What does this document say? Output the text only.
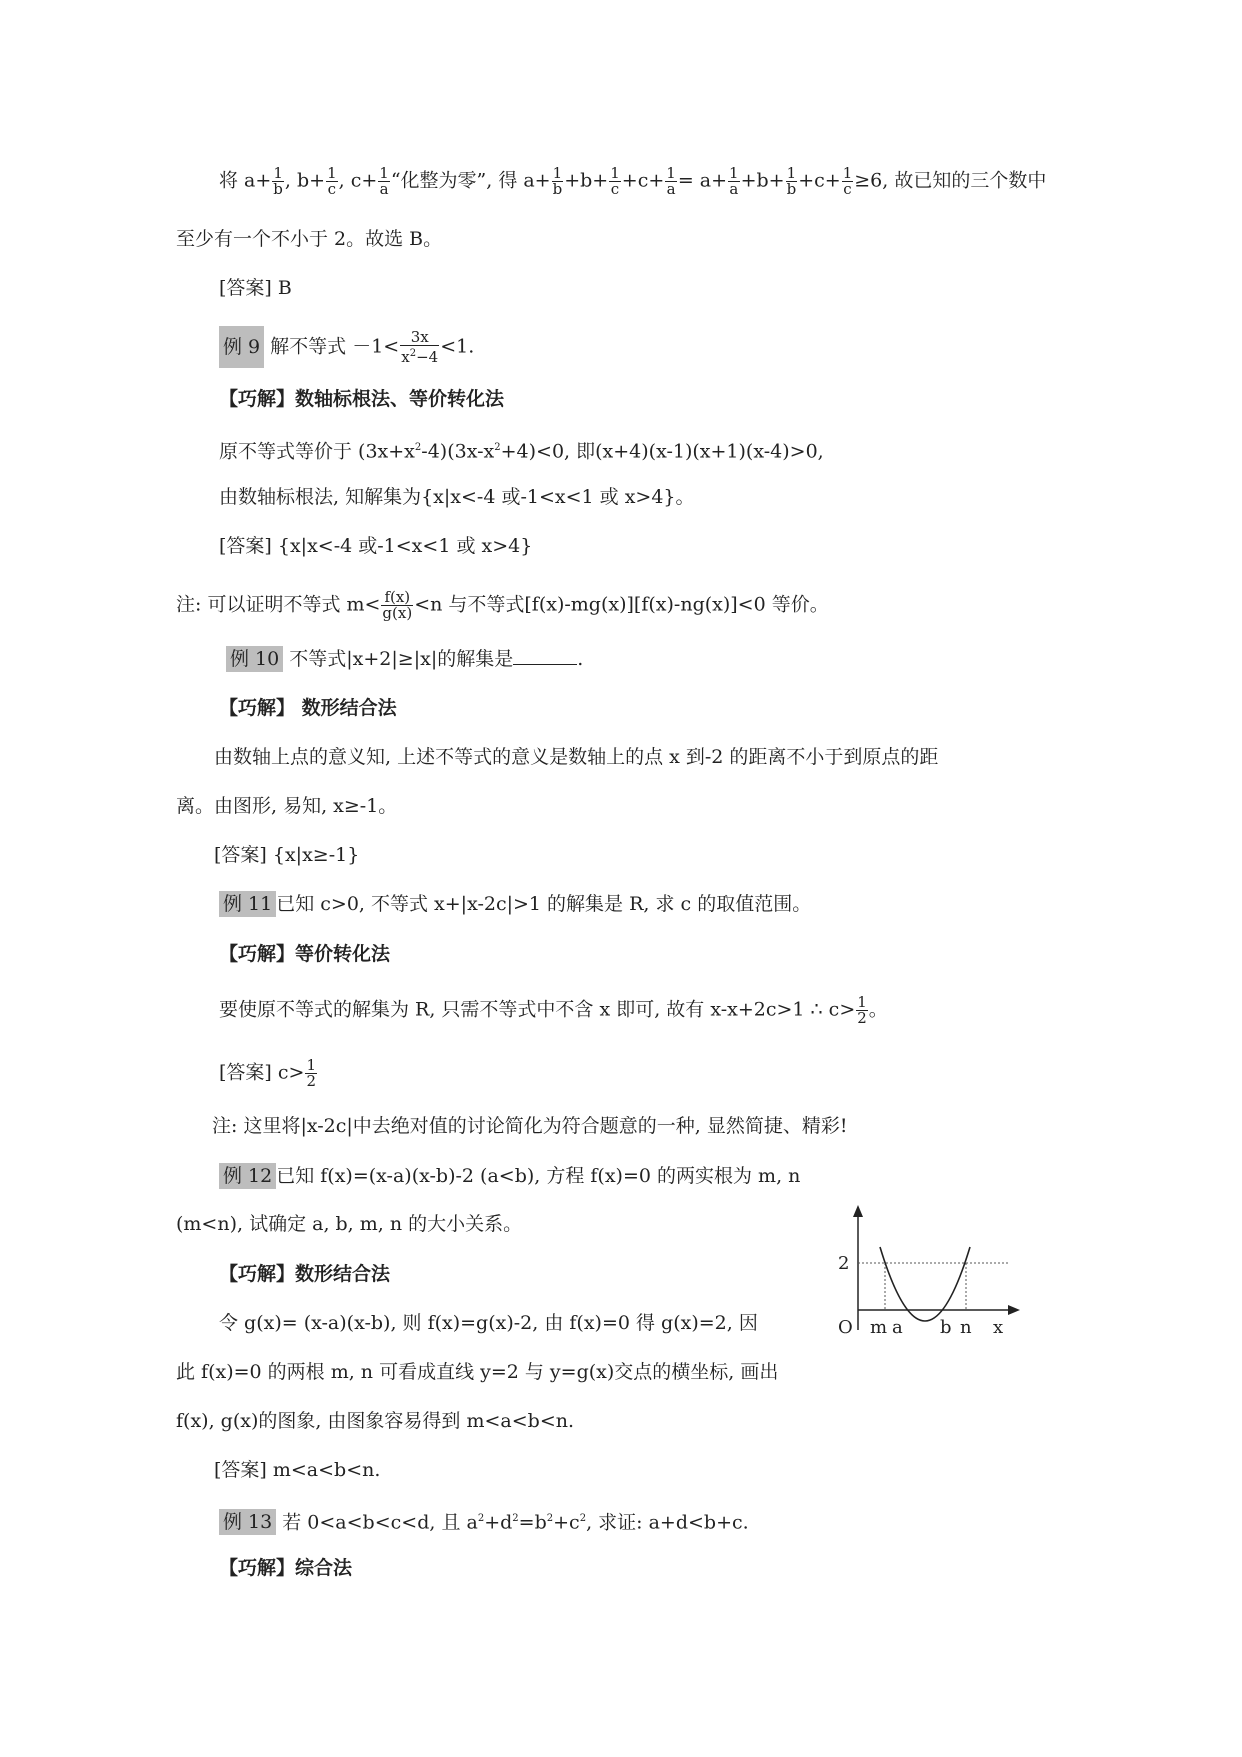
将 $a+ \frac{1}{b}$ , $b+ \frac{1}{c}$ , $c+ \frac{1}{a}$ “化整为零”, 得 $a+ \frac{1}{b} +b+ \frac{1}{c} +c+ \frac{1}{a} = a+ \frac{1}{a} +b+ \frac{1}{b} +c+ \frac{1}{c} \ge 6$, 故已知的三个数中
至少有一个不小于 2。故选 B。
[答案] B
例 9 解不等式 $-1< \frac{3x}{x^2-4} <1$.
【巧解】数轴标根法、等价转化法
原不等式等价于 $(3x+x^2-4)(3x-x^2+4)<0$, 即(x+4)(x-1)(x+1)(x-4)>0,
由数轴标根法, 知解集为{x|x<-4 或-1<x<1 或 x>4}。
[答案] {x|x<-4 或-1<x<1 或 x>4}
注: 可以证明不等式 $m< \frac{f(x)}{g(x)} <n$ 与不等式[f(x)-mg(x)][f(x)-ng(x)]<0 等价。
例 10 不等式|x+2|≥|x|的解集是	.
【巧解】 数形结合法
由数轴上点的意义知, 上述不等式的意义是数轴上的点 x 到-2 的距离不小于到原点的距
离。由图形, 易知, x≥-1。
[答案] {x|x≥-1}
例 11 已知 c>0, 不等式 x+|x-2c|>1 的解集是 R, 求 c 的取值范围。
【巧解】等价转化法
要使原不等式的解集为 R, 只需不等式中不含 x 即可, 故有 x-x+2c>1 ∴ $c> \frac{1}{2}$ 。
[答案] $c> \frac{1}{2}$
注: 这里将|x-2c|中去绝对值的讨论简化为符合题意的一种, 显然简捷、精彩!
例 12 已知 f(x)=(x-a)(x-b)-2 (a<b), 方程 f(x)=0 的两实根为 m, n
(m<n), 试确定 a, b, m, n 的大小关系。
【巧解】数形结合法
令 g(x)= (x-a)(x-b), 则 f(x)=g(x)-2, 由 f(x)=0 得 g(x)=2, 因
此 f(x)=0 的两根 m, n 可看成直线 y=2 与 y=g(x)交点的横坐标, 画出
f(x), g(x)的图象, 由图象容易得到 m<a<b<n.
[答案] m<a<b<n.
2
O m a b n x
例 13 若 0<a<b<c<d, 且 $a^2+d^2=b^2+c^2$, 求证: a+d<b+c.
【巧解】综合法
